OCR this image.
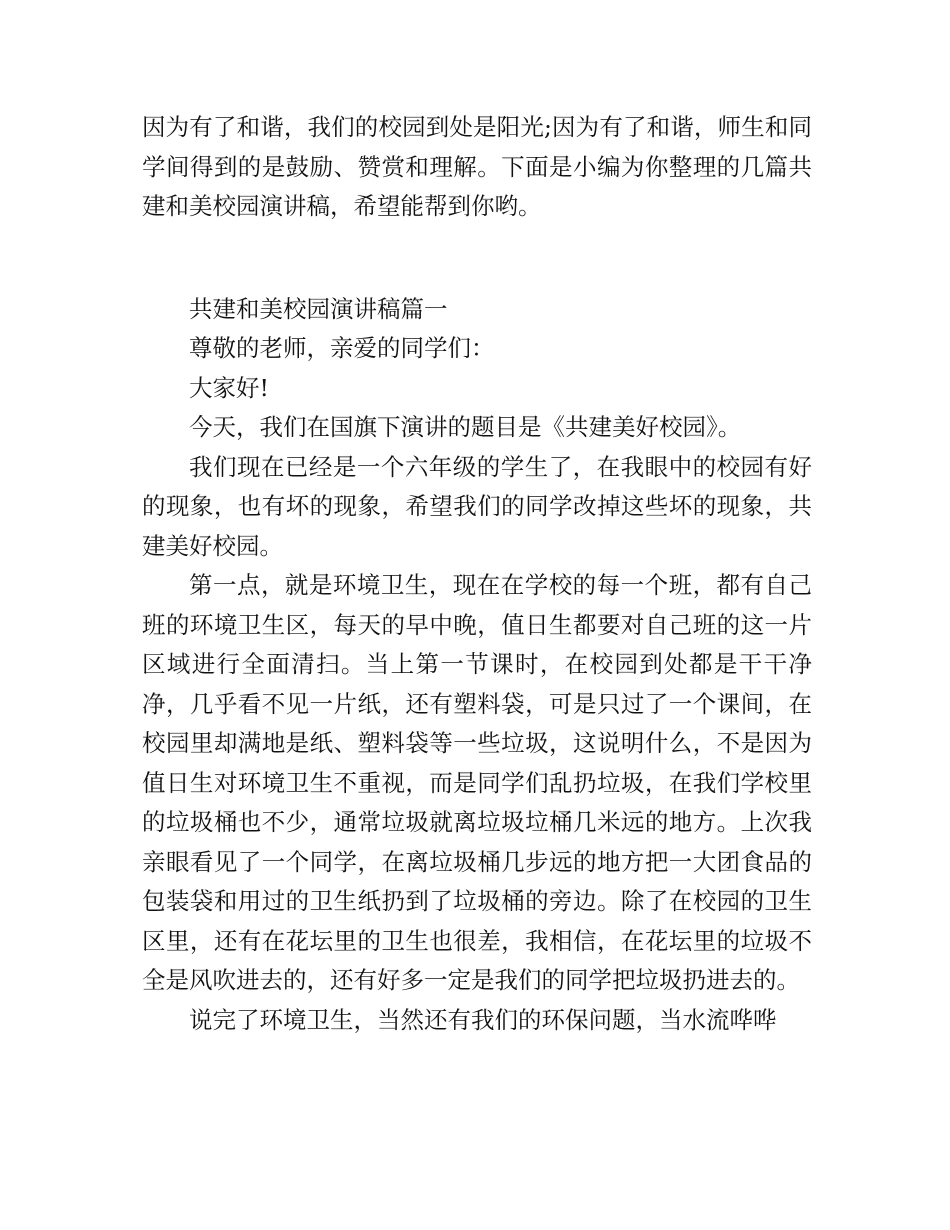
因为有了和谐，我们的校园到处是阳光;因为有了和谐，师生和同学间得到的是鼓励、赞赏和理解。下面是小编为你整理的几篇共建和美校园演讲稿，希望能帮到你哟。

共建和美校园演讲稿篇一

尊敬的老师，亲爱的同学们：

大家好!

今天，我们在国旗下演讲的题目是《共建美好校园》。

我们现在已经是一个六年级的学生了，在我眼中的校园有好的现象，也有坏的现象，希望我们的同学改掉这些坏的现象，共建美好校园。

第一点，就是环境卫生，现在在学校的每一个班，都有自己班的环境卫生区，每天的早中晚，值日生都要对自己班的这一片区域进行全面清扫。当上第一节课时，在校园到处都是干干净净，几乎看不见一片纸，还有塑料袋，可是只过了一个课间，在校园里却满地是纸、塑料袋等一些垃圾，这说明什么，不是因为值日生对环境卫生不重视，而是同学们乱扔垃圾，在我们学校里的垃圾桶也不少，通常垃圾就离垃圾垃桶几米远的地方。上次我亲眼看见了一个同学，在离垃圾桶几步远的地方把一大团食品的包装袋和用过的卫生纸扔到了垃圾桶的旁边。除了在校园的卫生区里，还有在花坛里的卫生也很差，我相信，在花坛里的垃圾不全是风吹进去的，还有好多一定是我们的同学把垃圾扔进去的。

说完了环境卫生，当然还有我们的环保问题，当水流哗哗
